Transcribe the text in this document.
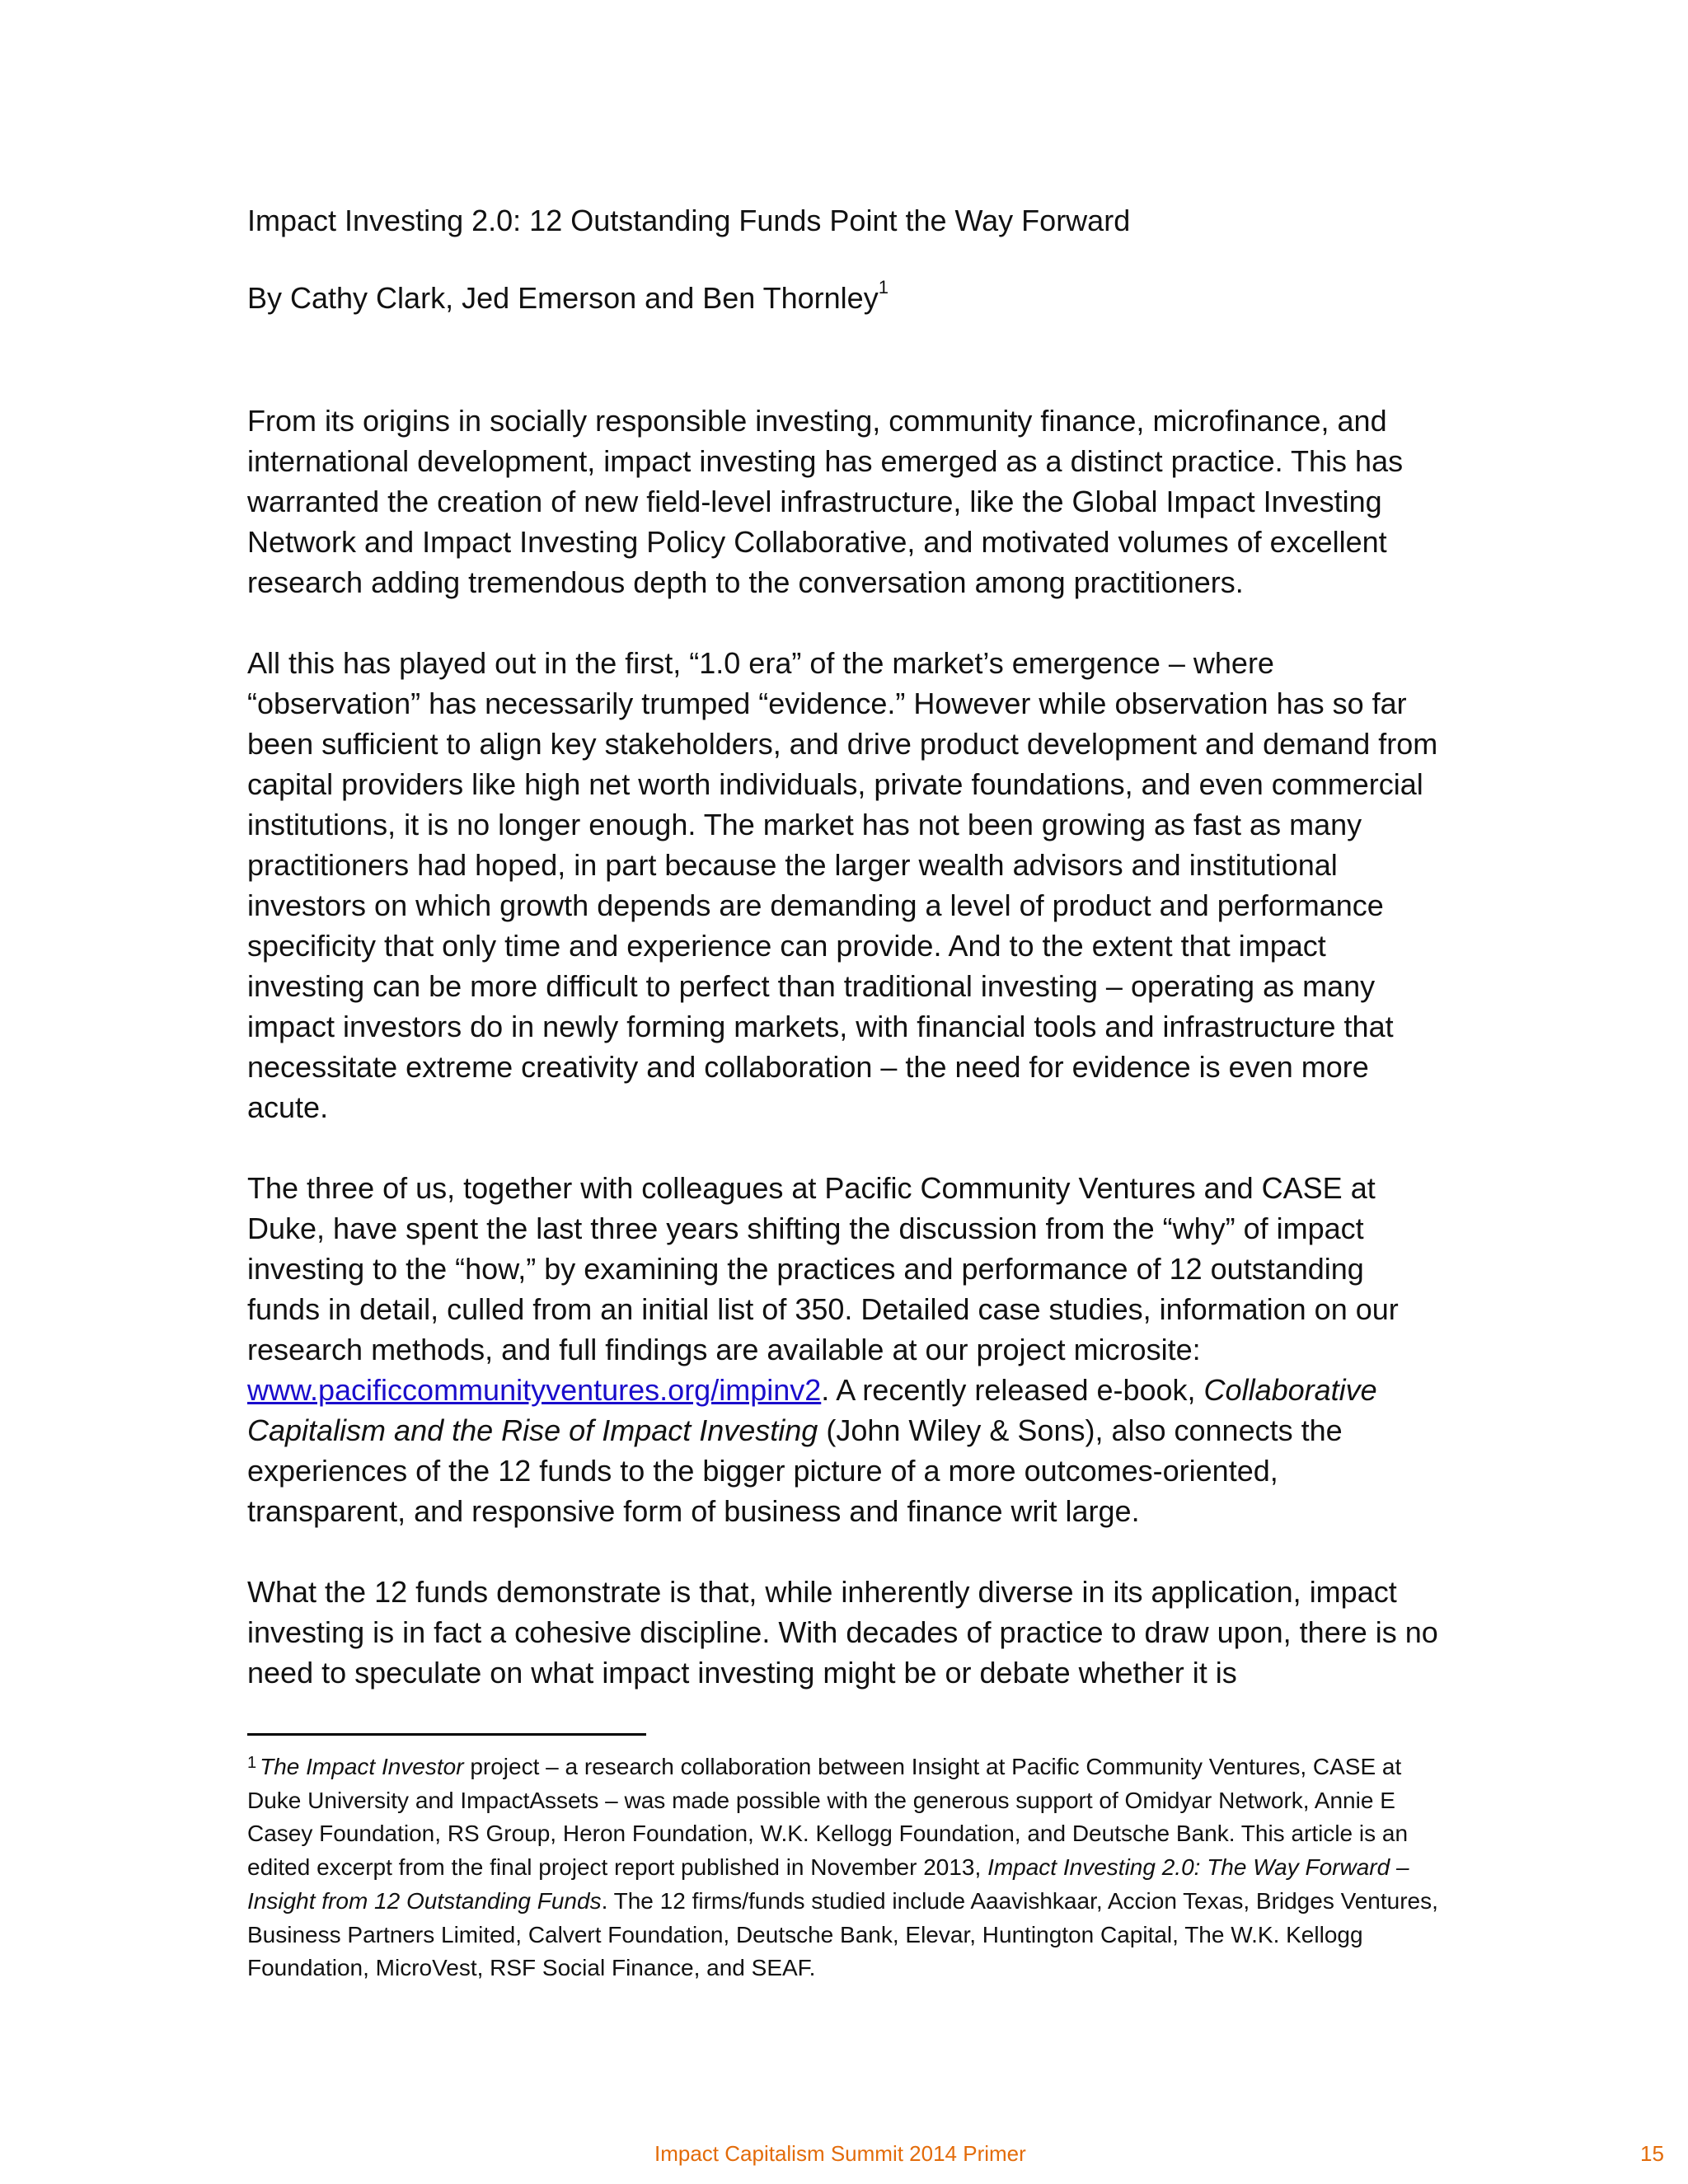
Impact Investing 2.0: 12 Outstanding Funds Point the Way Forward
By Cathy Clark, Jed Emerson and Ben Thornley$^1$

From its origins in socially responsible investing, community finance, microfinance, and international development, impact investing has emerged as a distinct practice. This has warranted the creation of new field-level infrastructure, like the Global Impact Investing Network and Impact Investing Policy Collaborative, and motivated volumes of excellent research adding tremendous depth to the conversation among practitioners.

All this has played out in the first, “1.0 era” of the market’s emergence – where “observation” has necessarily trumped “evidence.” However while observation has so far been sufficient to align key stakeholders, and drive product development and demand from capital providers like high net worth individuals, private foundations, and even commercial institutions, it is no longer enough. The market has not been growing as fast as many practitioners had hoped, in part because the larger wealth advisors and institutional investors on which growth depends are demanding a level of product and performance specificity that only time and experience can provide. And to the extent that impact investing can be more difficult to perfect than traditional investing – operating as many impact investors do in newly forming markets, with financial tools and infrastructure that necessitate extreme creativity and collaboration – the need for evidence is even more acute.

The three of us, together with colleagues at Pacific Community Ventures and CASE at Duke, have spent the last three years shifting the discussion from the “why” of impact investing to the “how,” by examining the practices and performance of 12 outstanding funds in detail, culled from an initial list of 350. Detailed case studies, information on our research methods, and full findings are available at our project microsite: www.pacificcommunityventures.org/impinv2. A recently released e-book, Collaborative Capitalism and the Rise of Impact Investing (John Wiley & Sons), also connects the experiences of the 12 funds to the bigger picture of a more outcomes-oriented, transparent, and responsive form of business and finance writ large.

What the 12 funds demonstrate is that, while inherently diverse in its application, impact investing is in fact a cohesive discipline. With decades of practice to draw upon, there is no need to speculate on what impact investing might be or debate whether it is

$^1$ The Impact Investor project – a research collaboration between Insight at Pacific Community Ventures, CASE at Duke University and ImpactAssets – was made possible with the generous support of Omidyar Network, Annie E Casey Foundation, RS Group, Heron Foundation, W.K. Kellogg Foundation, and Deutsche Bank. This article is an edited excerpt from the final project report published in November 2013, Impact Investing 2.0: The Way Forward – Insight from 12 Outstanding Funds. The 12 firms/funds studied include Aaavishkaar, Accion Texas, Bridges Ventures, Business Partners Limited, Calvert Foundation, Deutsche Bank, Elevar, Huntington Capital, The W.K. Kellogg Foundation, MicroVest, RSF Social Finance, and SEAF.

Impact Capitalism Summit 2014 Primer	15
